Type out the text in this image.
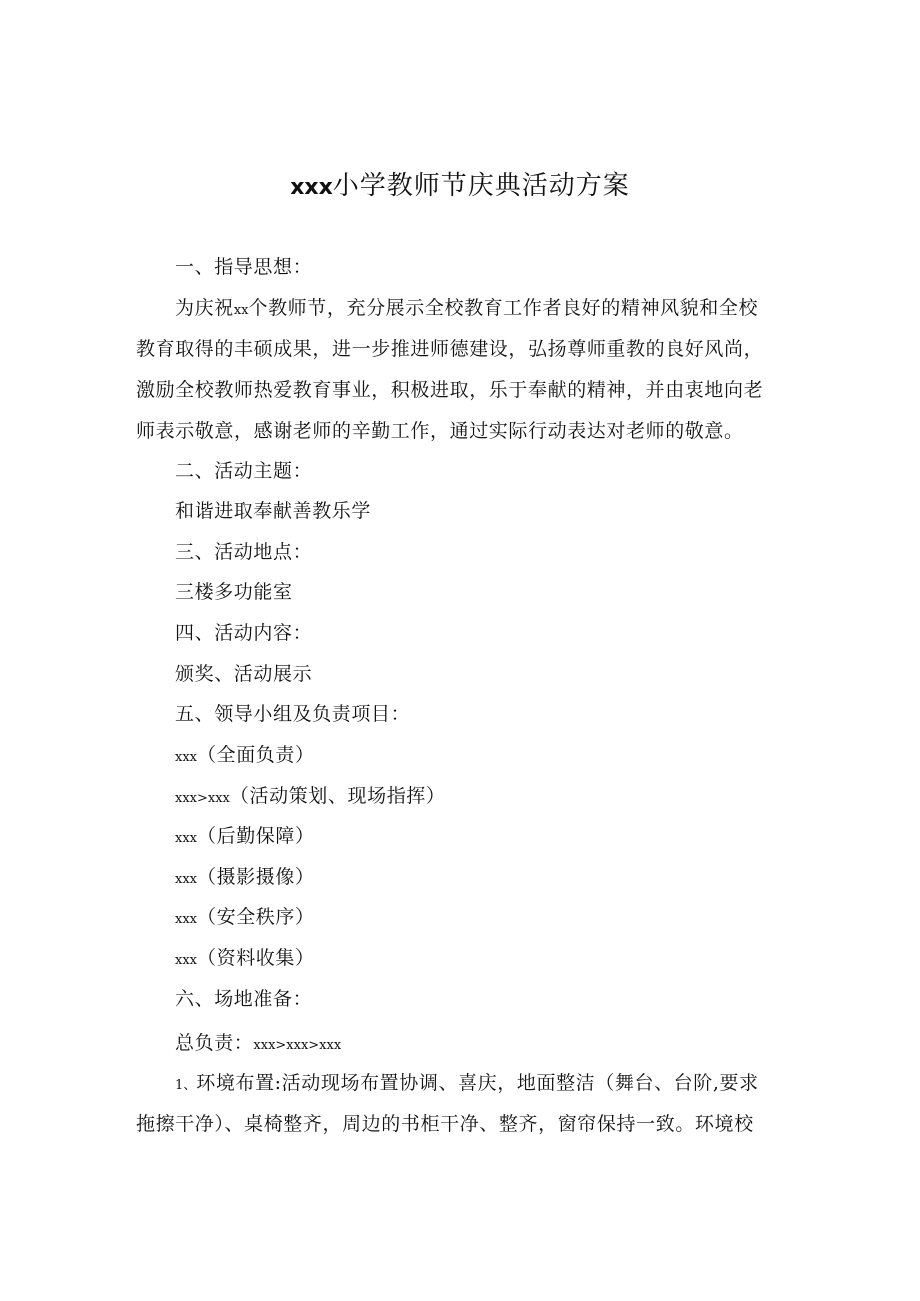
xxx小学教师节庆典活动方案
一、指导思想：
为庆祝xx个教师节，充分展示全校教育工作者良好的精神风貌和全校
教育取得的丰硕成果，进一步推进师德建设，弘扬尊师重教的良好风尚，
激励全校教师热爱教育事业，积极进取，乐于奉献的精神，并由衷地向老
师表示敬意，感谢老师的辛勤工作，通过实际行动表达对老师的敬意。
二、活动主题：
和谐进取奉献善教乐学
三、活动地点：
三楼多功能室
四、活动内容：
颁奖、活动展示
五、领导小组及负责项目：
xxx（全面负责）
xxx>xxx（活动策划、现场指挥）
xxx（后勤保障）
xxx（摄影摄像）
xxx（安全秩序）
xxx（资料收集）
六、场地准备：
总负责：xxx>xxx>xxx
1、环境布置:活动现场布置协调、喜庆，地面整洁（舞台、台阶,要求
拖擦干净）、桌椅整齐，周边的书柜干净、整齐，窗帘保持一致。环境校
